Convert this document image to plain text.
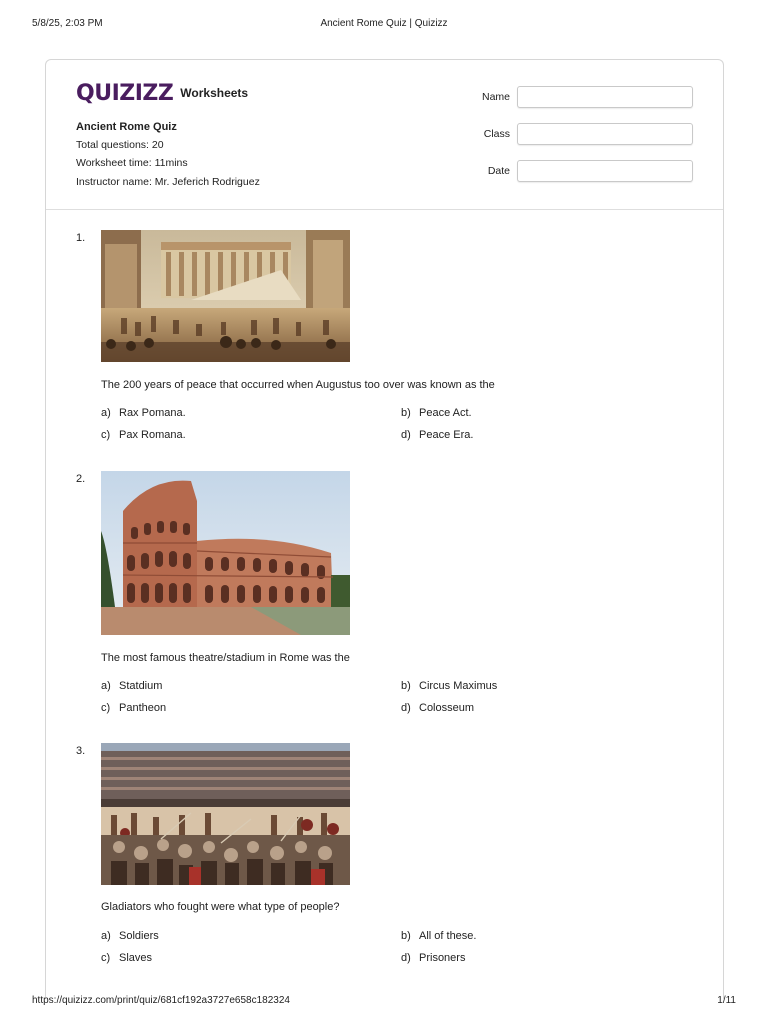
5/8/25, 2:03 PM	Ancient Rome Quiz | Quizizz
QUIZIZZ Worksheets
Ancient Rome Quiz
Total questions: 20
Worksheet time: 11mins
Instructor name: Mr. Jeferich Rodriguez
Name
Class
Date
1.
The 200 years of peace that occurred when Augustus too over was known as the
a) Rax Pomana.	b) Peace Act.
c) Pax Romana.	d) Peace Era.
2.
The most famous theatre/stadium in Rome was the
a) Statdium	b) Circus Maximus
c) Pantheon	d) Colosseum
3.
Gladiators who fought were what type of people?
a) Soldiers	b) All of these.
c) Slaves	d) Prisoners
https://quizizz.com/print/quiz/681cf192a3727e658c182324	1/11
